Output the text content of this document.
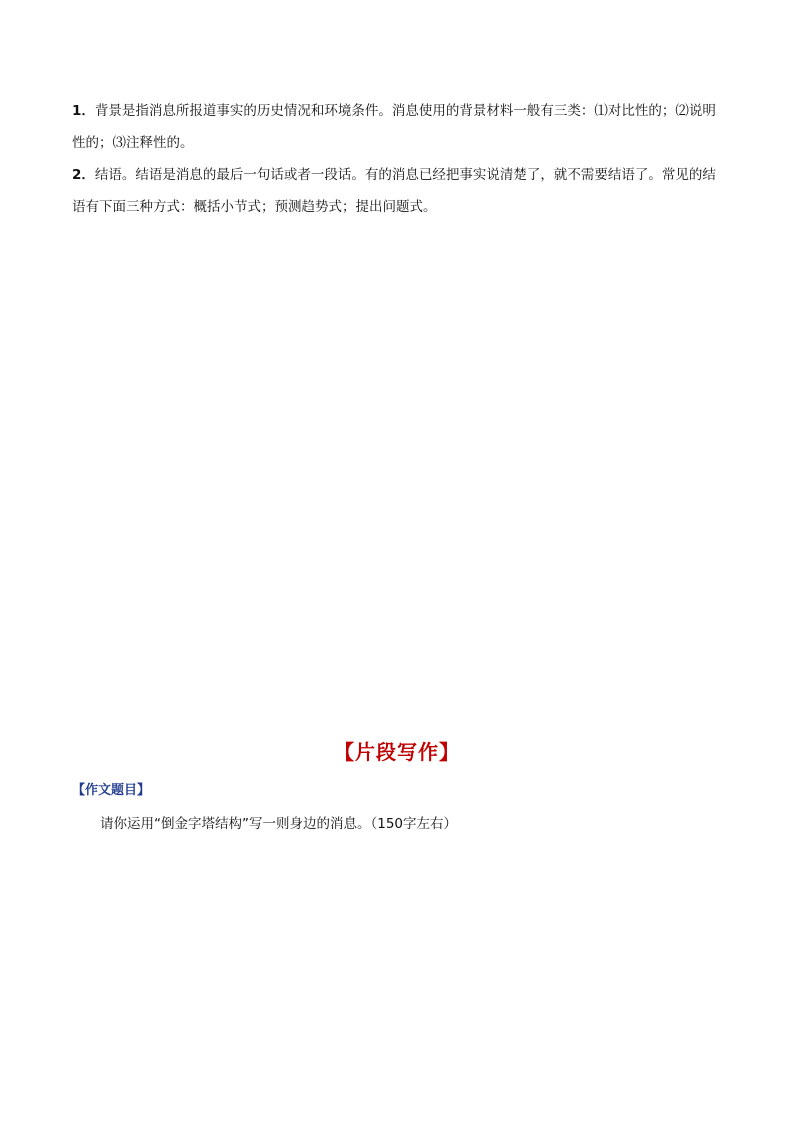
1．背景是指消息所报道事实的历史情况和环境条件。消息使用的背景材料一般有三类：⑴对比性的；⑵说明性的；⑶注释性的。

2．结语。结语是消息的最后一句话或者一段话。有的消息已经把事实说清楚了，就不需要结语了。常见的结语有下面三种方式：概括小节式；预测趋势式；提出问题式。

【片段写作】

【作文题目】

请你运用“倒金字塔结构”写一则身边的消息。（150字左右）
